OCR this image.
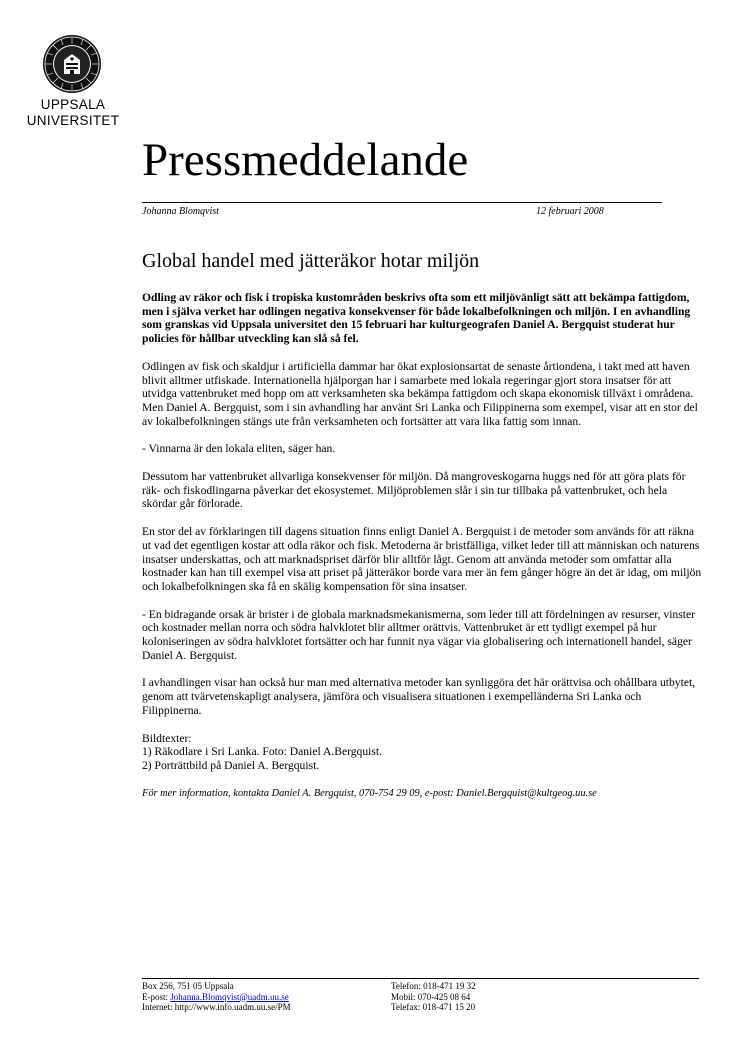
UPPSALA
UNIVERSITET
Pressmeddelande
Johanna Blomqvist	12 februari 2008
Global handel med jätteräkor hotar miljön

Odling av räkor och fisk i tropiska kustområden beskrivs ofta som ett miljövänligt sätt att bekämpa fattigdom, men i själva verket har odlingen negativa konsekvenser för både lokalbefolkningen och miljön. I en avhandling som granskas vid Uppsala universitet den 15 februari har kulturgeografen Daniel A. Bergquist studerat hur policies för hållbar utveckling kan slå så fel.

Odlingen av fisk och skaldjur i artificiella dammar har ökat explosionsartat de senaste årtiondena, i takt med att haven blivit alltmer utfiskade. Internationella hjälporgan har i samarbete med lokala regeringar gjort stora insatser för att utvidga vattenbruket med hopp om att verksamheten ska bekämpa fattigdom och skapa ekonomisk tillväxt i områdena. Men Daniel A. Bergquist, som i sin avhandling har använt Sri Lanka och Filippinerna som exempel, visar att en stor del av lokalbefolkningen stängs ute från verksamheten och fortsätter att vara lika fattig som innan.

- Vinnarna är den lokala eliten, säger han.

Dessutom har vattenbruket allvarliga konsekvenser för miljön. Då mangroveskogarna huggs ned för att göra plats för räk- och fiskodlingarna påverkar det ekosystemet. Miljöproblemen slår i sin tur tillbaka på vattenbruket, och hela skördar går förlorade.

En stor del av förklaringen till dagens situation finns enligt Daniel A. Bergquist i de metoder som används för att räkna ut vad det egentligen kostar att odla räkor och fisk. Metoderna är bristfälliga, vilket leder till att människan och naturens insatser underskattas, och att marknadspriset därför blir alltför lågt. Genom att använda metoder som omfattar alla kostnader kan han till exempel visa att priset på jätteräkor borde vara mer än fem gånger högre än det är idag, om miljön och lokalbefolkningen ska få en skälig kompensation för sina insatser.

- En bidragande orsak är brister i de globala marknadsmekanismerna, som leder till att fördelningen av resurser, vinster och kostnader mellan norra och södra halvklotet blir alltmer orättvis. Vattenbruket är ett tydligt exempel på hur koloniseringen av södra halvklotet fortsätter och har funnit nya vägar via globalisering och internationell handel, säger Daniel A. Bergquist.

I avhandlingen visar han också hur man med alternativa metoder kan synliggöra det här orättvisa och ohållbara utbytet, genom att tvärvetenskapligt analysera, jämföra och visualisera situationen i exempelländerna Sri Lanka och Filippinerna.

Bildtexter:

1) Räkodlare i Sri Lanka. Foto: Daniel A.Bergquist.

2) Porträttbild på Daniel A. Bergquist.

För mer information, kontakta Daniel A. Bergquist, 070-754 29 09, e-post: Daniel.Bergquist@kultgeog.uu.se

Box 256, 751 05 Uppsala
E-post: Johanna.Blomqvist@uadm.uu.se
Internet: http://www.info.uadm.uu.se/PM
Telefon: 018-471 19 32
Mobil: 070-425 08 64
Telefax: 018-471 15 20
